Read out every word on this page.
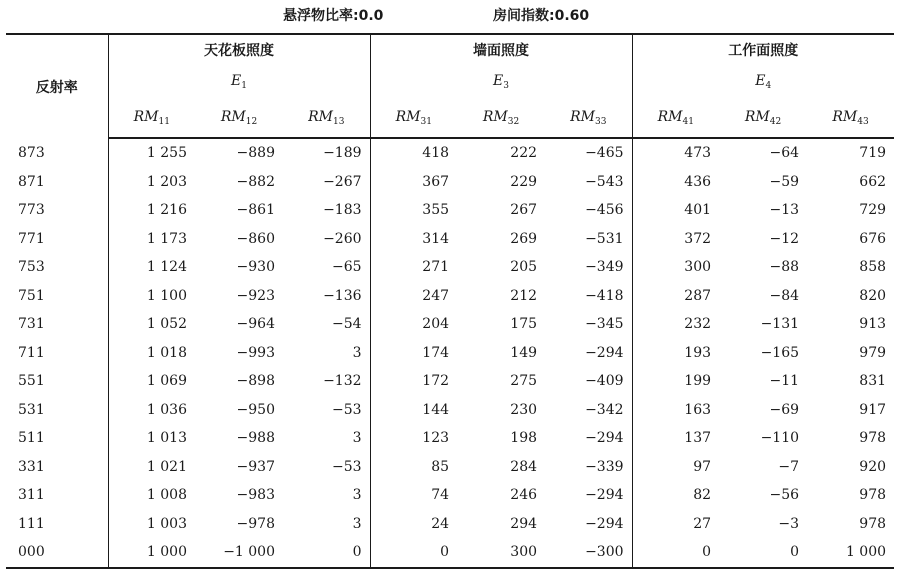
悬浮物比率:0.0	房间指数:0.60
反射率	天花板照度			墙面照度			工作面照度		
	$E_1$			$E_3$			$E_4$
	$RM_{11}$	$RM_{12}$	$RM_{13}$	$RM_{31}$	$RM_{32}$	$RM_{33}$	$RM_{41}$	$RM_{42}$	$RM_{43}$
873	1 255	−889	−189	418	222	−465	473	−64	719
871	1 203	−882	−267	367	229	−543	436	−59	662
773	1 216	−861	−183	355	267	−456	401	−13	729
771	1 173	−860	−260	314	269	−531	372	−12	676
753	1 124	−930	−65	271	205	−349	300	−88	858
751	1 100	−923	−136	247	212	−418	287	−84	820
731	1 052	−964	−54	204	175	−345	232	−131	913
711	1 018	−993	3	174	149	−294	193	−165	979
551	1 069	−898	−132	172	275	−409	199	−11	831
531	1 036	−950	−53	144	230	−342	163	−69	917
511	1 013	−988	3	123	198	−294	137	−110	978
331	1 021	−937	−53	85	284	−339	97	−7	920
311	1 008	−983	3	74	246	−294	82	−56	978
111	1 003	−978	3	24	294	−294	27	−3	978
000	1 000	−1 000	0	0	300	−300	0	0	1 000
